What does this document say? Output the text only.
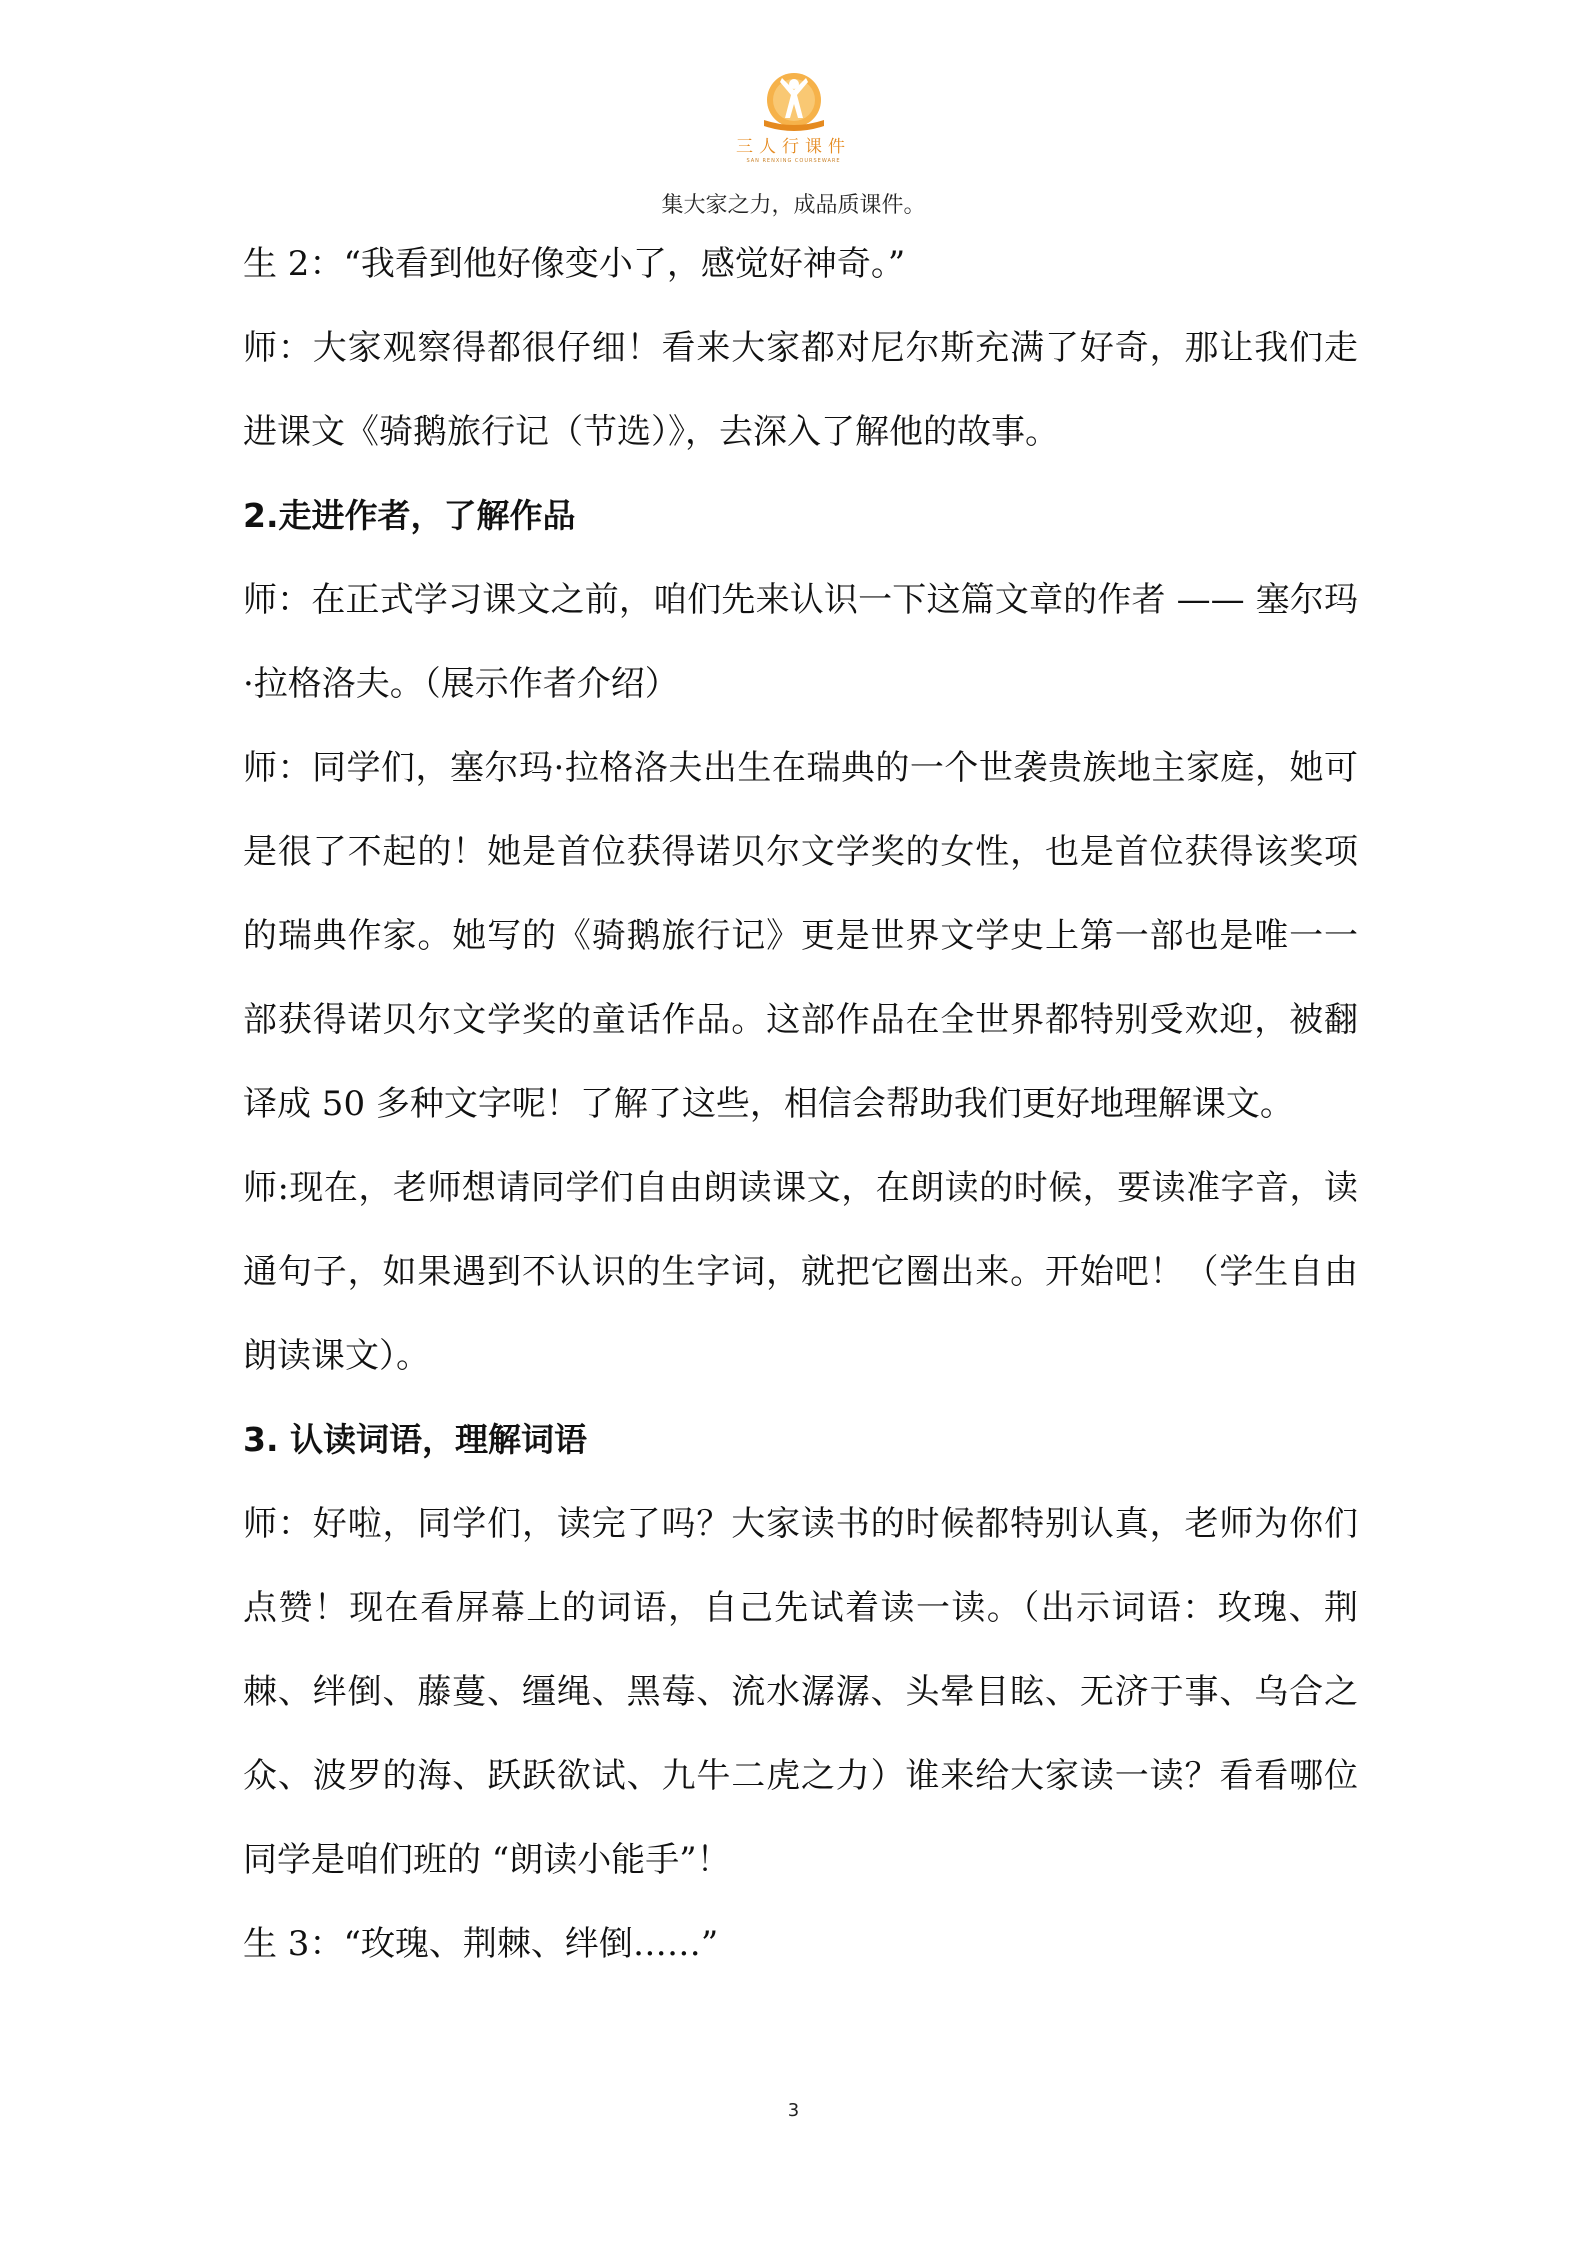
三人行课件
SAN RENXING COURSEWARE
集大家之力，成品质课件。

生 2：“我看到他好像变小了，感觉好神奇。”

师：大家观察得都很仔细！看来大家都对尼尔斯充满了好奇，那让我们走进课文《骑鹅旅行记（节选）》，去深入了解他的故事。

2.走进作者，了解作品

师：在正式学习课文之前，咱们先来认识一下这篇文章的作者 —— 塞尔玛·拉格洛夫。（展示作者介绍）

师：同学们，塞尔玛·拉格洛夫出生在瑞典的一个世袭贵族地主家庭，她可是很了不起的！她是首位获得诺贝尔文学奖的女性，也是首位获得该奖项的瑞典作家。她写的《骑鹅旅行记》更是世界文学史上第一部也是唯一一部获得诺贝尔文学奖的童话作品。这部作品在全世界都特别受欢迎，被翻译成 50 多种文字呢！了解了这些，相信会帮助我们更好地理解课文。

师:现在，老师想请同学们自由朗读课文，在朗读的时候，要读准字音，读通句子，如果遇到不认识的生字词，就把它圈出来。开始吧！（学生自由朗读课文）。

3. 认读词语，理解词语

师：好啦，同学们，读完了吗？大家读书的时候都特别认真，老师为你们点赞！现在看屏幕上的词语，自己先试着读一读。（出示词语：玫瑰、荆棘、绊倒、藤蔓、缰绳、黑莓、流水潺潺、头晕目眩、无济于事、乌合之众、波罗的海、跃跃欲试、九牛二虎之力）谁来给大家读一读？看看哪位同学是咱们班的 “朗读小能手”！

生 3：“玫瑰、荆棘、绊倒……”

3
